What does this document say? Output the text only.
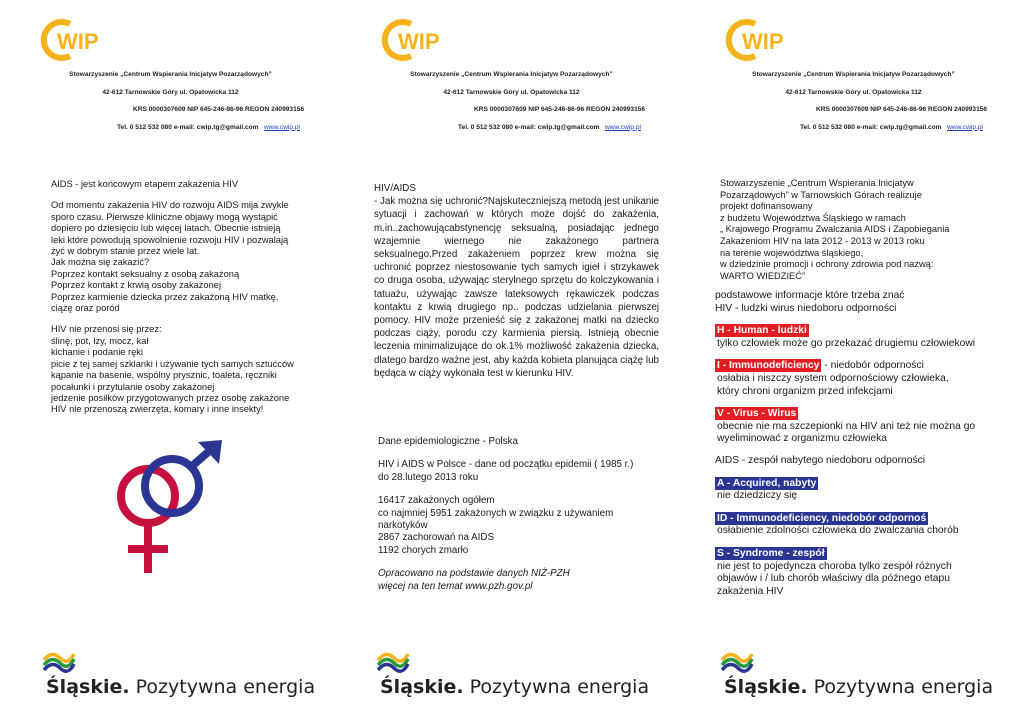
WIP
Stowarzyszenie „Centrum Wspierania Inicjatyw Pozarządowych”
42-612 Tarnowskie Góry ul. Opatowicka 112
KRS 0000307609 NIP 645-246-86-96 REGON 240993156
Tel. 0 512 532 080 e-mail: cwip.tg@gmail.com www.cwip.pl

AIDS - jest końcowym etapem zakażenia HIV

Od momentu zakażenia HIV do rozwoju AIDS mija zwykle
sporo czasu. Pierwsze kliniczne objawy mogą wystąpić
dopiero po dziesięciu lub więcej latach. Obecnie istnieją
leki które powodują spowolnienie rozwoju HIV i pozwalają
żyć w dobrym stanie przez wiele lat.
Jak można się zakazić?
Poprzez kontakt seksualny z osobą zakażoną
Poprzez kontakt z krwią osoby zakażonej
Poprzez karmienie dziecka przez zakażoną HIV matkę,
ciążę oraz poród

HIV nie przenosi się przez:
ślinę, pot, łzy, mocz, kał
kichanie i podanie ręki
picie z tej samej szklanki i używanie tych samych sztućców
kąpanie na basenie, wspólny prysznic, toaleta, ręczniki
pocałunki i przytulanie osoby zakażonej
jedzenie posiłków przygotowanych przez osobę zakażone
HIV nie przenoszą zwierzęta, komary i inne insekty!

Śląskie. Pozytywna energia
WIP
Stowarzyszenie „Centrum Wspierania Inicjatyw Pozarządowych”
42-612 Tarnowskie Góry ul. Opatowicka 112
KRS 0000307609 NIP 645-246-86-96 REGON 240993156
Tel. 0 512 532 080 e-mail: cwip.tg@gmail.com www.cwip.pl
HIV/AIDS
- Jak można się uchronić?Najskuteczniejszą metodą jest unikanie sytuacji i zachowań w których może dojść do zakażenia, m.in..zachowującabstynencję seksualną, posiadając jednego wzajemnie wiernego nie zakażonego partnera seksualnego.Przed zakażeniem poprzez krew można się uchronić poprzez niestosowanie tych samych igieł i strzykawek co druga osoba, używając sterylnego sprzętu do kolczykowania i tatuażu, używając zawsze lateksowych rękawiczek podczas kontaktu z krwią drugiego np.. podczas udzielania pierwszej pomocy. HIV może przenieść się z zakażonej matki na dziecko podczas ciąży, porodu czy karmienia piersią. Istnieją obecnie leczenia minimalizujące do ok.1% możliwość zakażenia dziecka, dlatego bardzo ważne jest, aby każda kobieta planująca ciążę lub będąca w ciąży wykonała test w kierunku HIV.

Dane epidemiologiczne - Polska

HIV i AIDS w Polsce - dane od początku epidemii ( 1985 r.)
do 28.lutego 2013 roku

16417 zakażonych ogółem
co najmniej 5951 zakażonych w związku z używaniem
narkotyków
2867 zachorowań na AIDS
1192 chorych zmarło

Opracowano na podstawie danych NIŻ-PZH
więcej na ten temat www.pzh.gov.pl

Śląskie. Pozytywna energia
WIP
Stowarzyszenie „Centrum Wspierania Inicjatyw Pozarządowych”
42-612 Tarnowskie Góry ul. Opatowicka 112
KRS 0000307609 NIP 645-246-86-96 REGON 240993156
Tel. 0 512 532 080 e-mail: cwip.tg@gmail.com www.cwip.pl

Stowarzyszenie „Centrum Wspierania Inicjatyw
Pozarządowych” w Tarnowskich Górach realizuje
projekt dofinansowany
z budżetu Województwa Śląskiego w ramach
„ Krajowego Programu Zwalczania AIDS i Zapobiegania
Zakażeniom HIV na lata 2012 - 2013 w 2013 roku
na terenie województwa śląskiego,
w dziedzinie promocji i ochrony zdrowia pod nazwą:
WARTO WIEDZIEĆ”

podstawowe informacje które trzeba znać
HIV - ludzki wirus niedoboru odporności

H - Human - ludzki
tylko człowiek może go przekazać drugiemu człowiekowi
I - Immunodeficiency - niedobór odporności
osłabia i niszczy system odpornościowy człowieka,
który chroni organizm przed infekcjami
V - Virus - Wirus
obecnie nie ma szczepionki na HIV ani też nie można go
wyeliminować z organizmu człowieka
AIDS - zespół nabytego niedoboru odporności
A - Acquired, nabyty
nie dziedziczy się
ID - Immunodeficiency, niedobór odpornoś
osłabienie zdolności człowieka do zwalczania chorób
S - Syndrome - zespół
nie jest to pojedyncza choroba tylko zespół różnych
objawów i / lub chorób właściwy dla późnego etapu
zakażenia HIV
Śląskie. Pozytywna energia
